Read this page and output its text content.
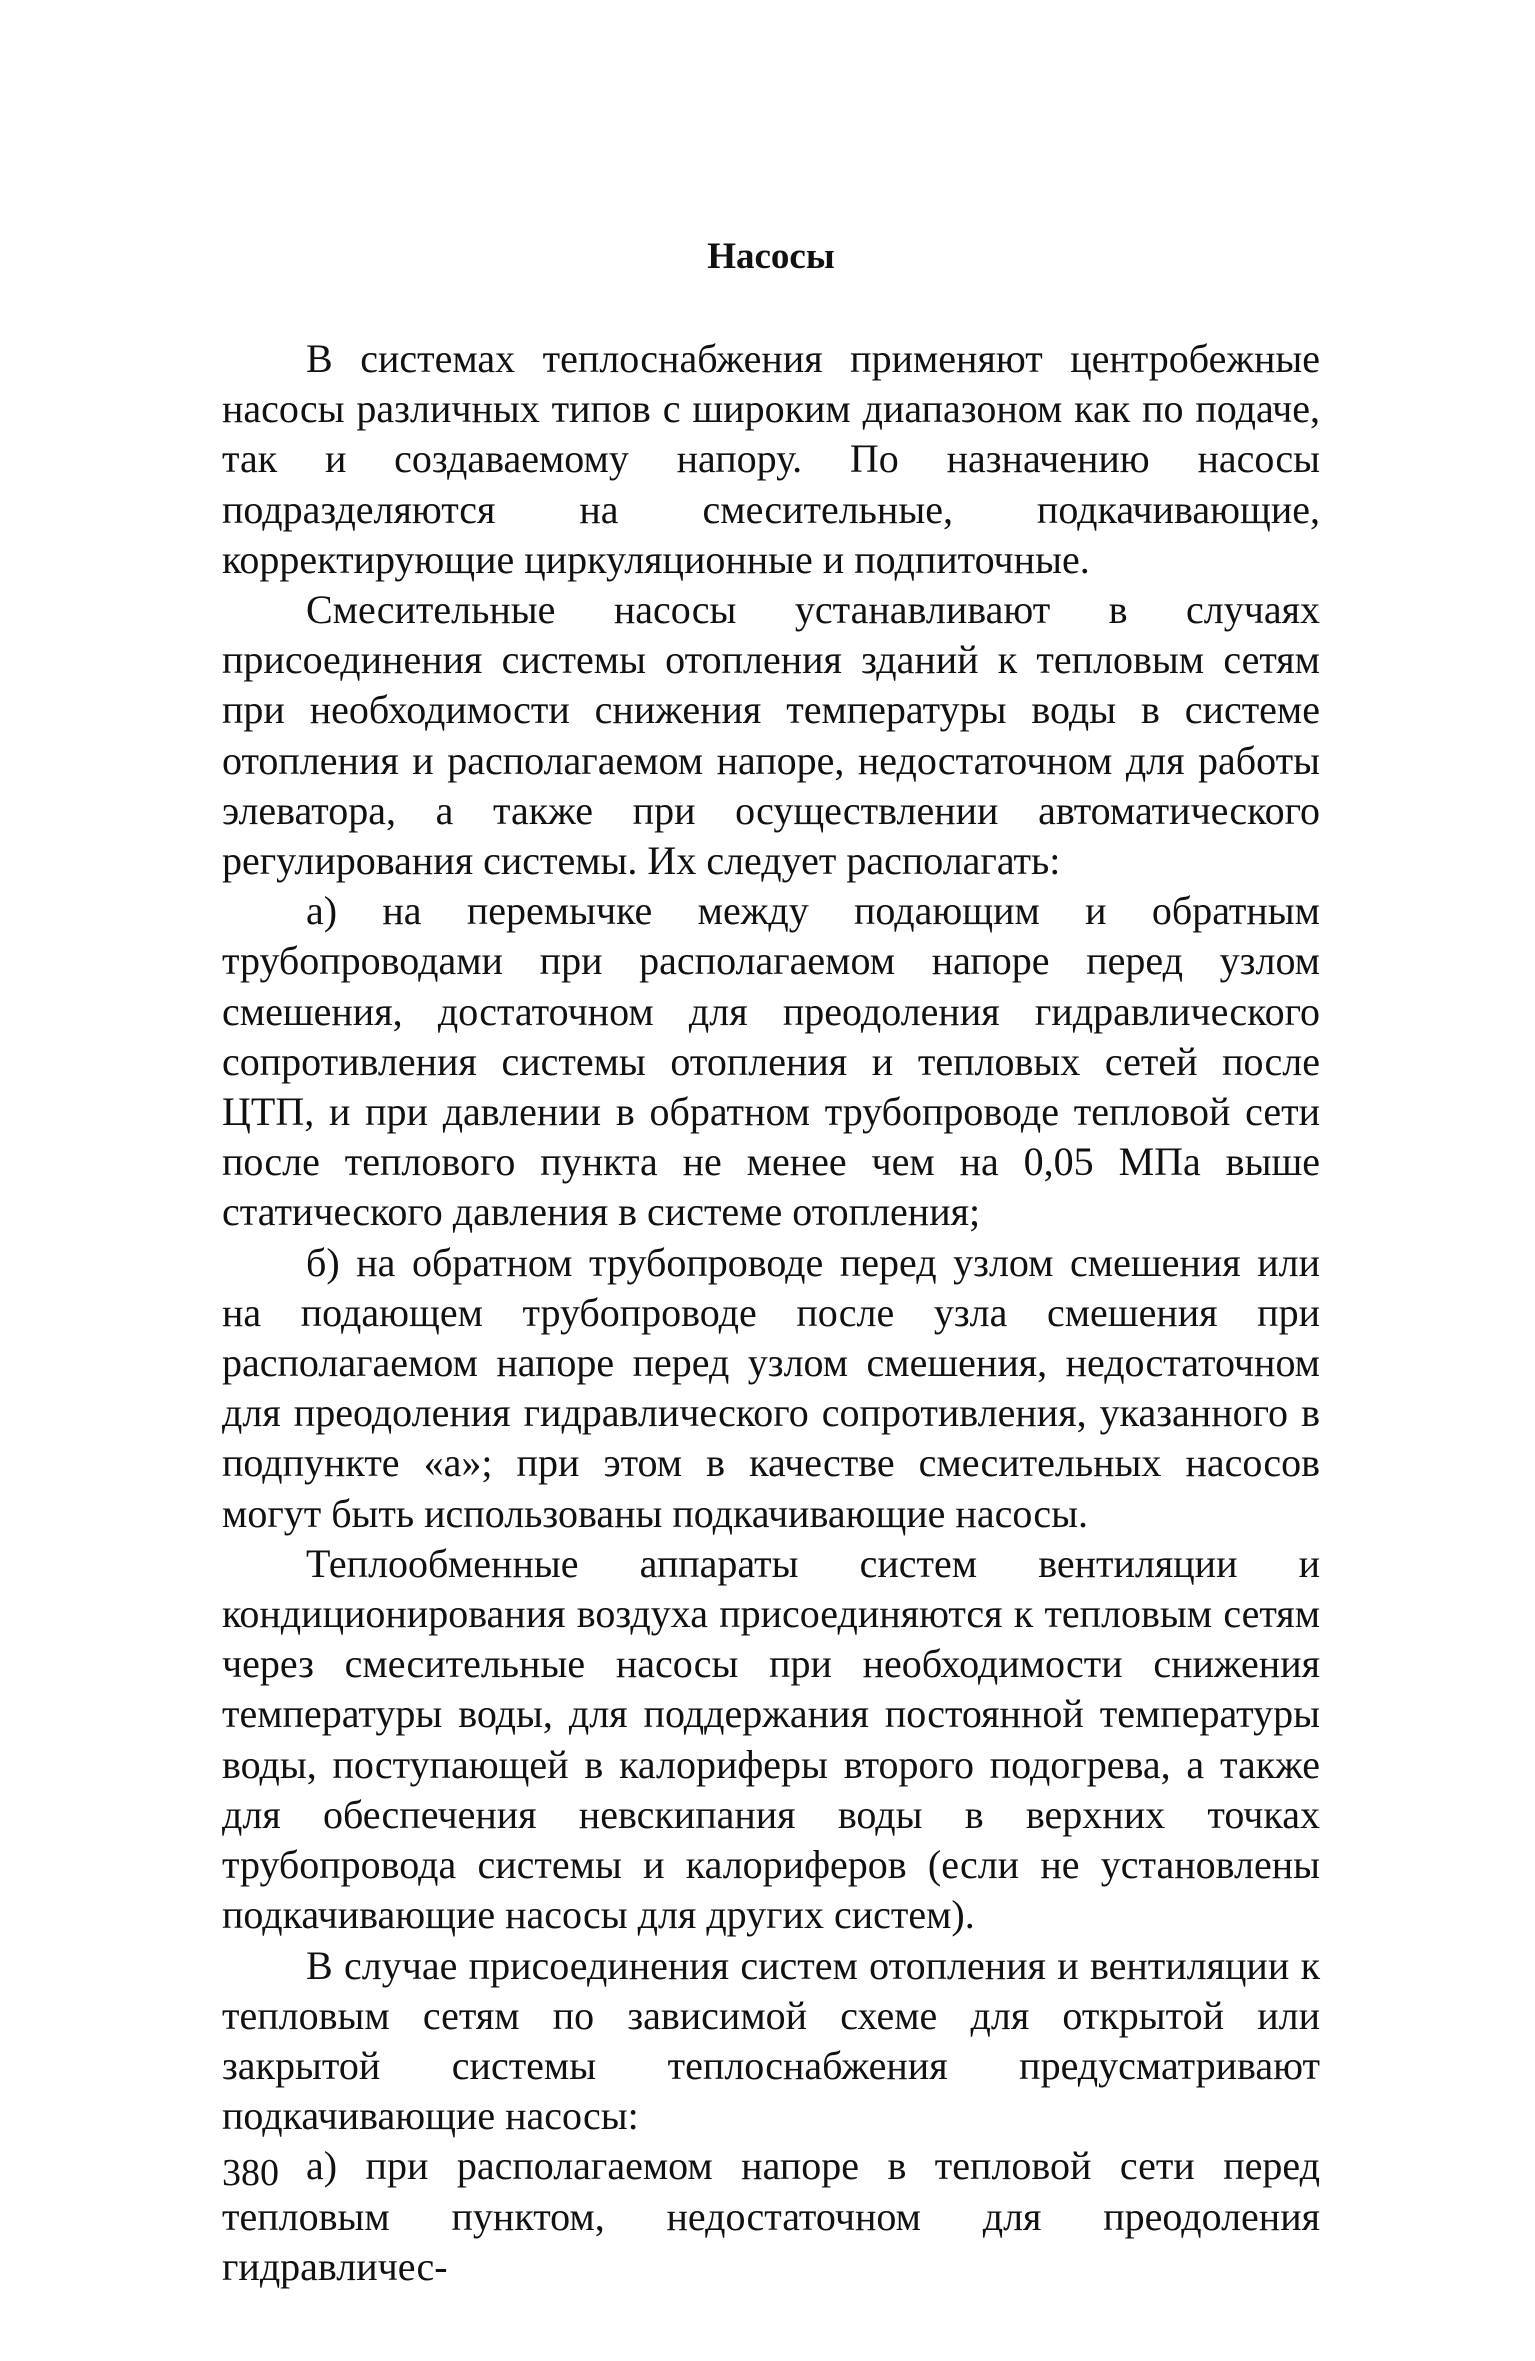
Насосы

В системах теплоснабжения применяют центробежные насосы различных типов с широким диапазоном как по подаче, так и создаваемому напору. По назначению насосы подразделяются на смесительные, подкачивающие, корректирующие циркуляционные и подпиточные.

Смесительные насосы устанавливают в случаях присоединения системы отопления зданий к тепловым сетям при необходимости снижения температуры воды в системе отопления и располагаемом напоре, недостаточном для работы элеватора, а также при осуществлении автоматического регулирования системы. Их следует располагать:

а) на перемычке между подающим и обратным трубопроводами при располагаемом напоре перед узлом смешения, достаточном для преодоления гидравлического сопротивления системы отопления и тепловых сетей после ЦТП, и при давлении в обратном трубопроводе тепловой сети после теплового пункта не менее чем на 0,05 МПа выше статического давления в системе отопления;

б) на обратном трубопроводе перед узлом смешения или на подающем трубопроводе после узла смешения при располагаемом напоре перед узлом смешения, недостаточном для преодоления гидравлического сопротивления, указанного в подпункте «а»; при этом в качестве смесительных насосов могут быть использованы подкачивающие насосы.

Теплообменные аппараты систем вентиляции и кондиционирования воздуха присоединяются к тепловым сетям через смесительные насосы при необходимости снижения температуры воды, для поддержания постоянной температуры воды, поступающей в калориферы второго подогрева, а также для обеспечения невскипания воды в верхних точках трубопровода системы и калориферов (если не установлены подкачивающие насосы для других систем).

В случае присоединения систем отопления и вентиляции к тепловым сетям по зависимой схеме для открытой или закрытой системы теплоснабжения предусматривают подкачивающие насосы:

а) при располагаемом напоре в тепловой сети перед тепловым пунктом, недостаточном для преодоления гидравличес-

380
